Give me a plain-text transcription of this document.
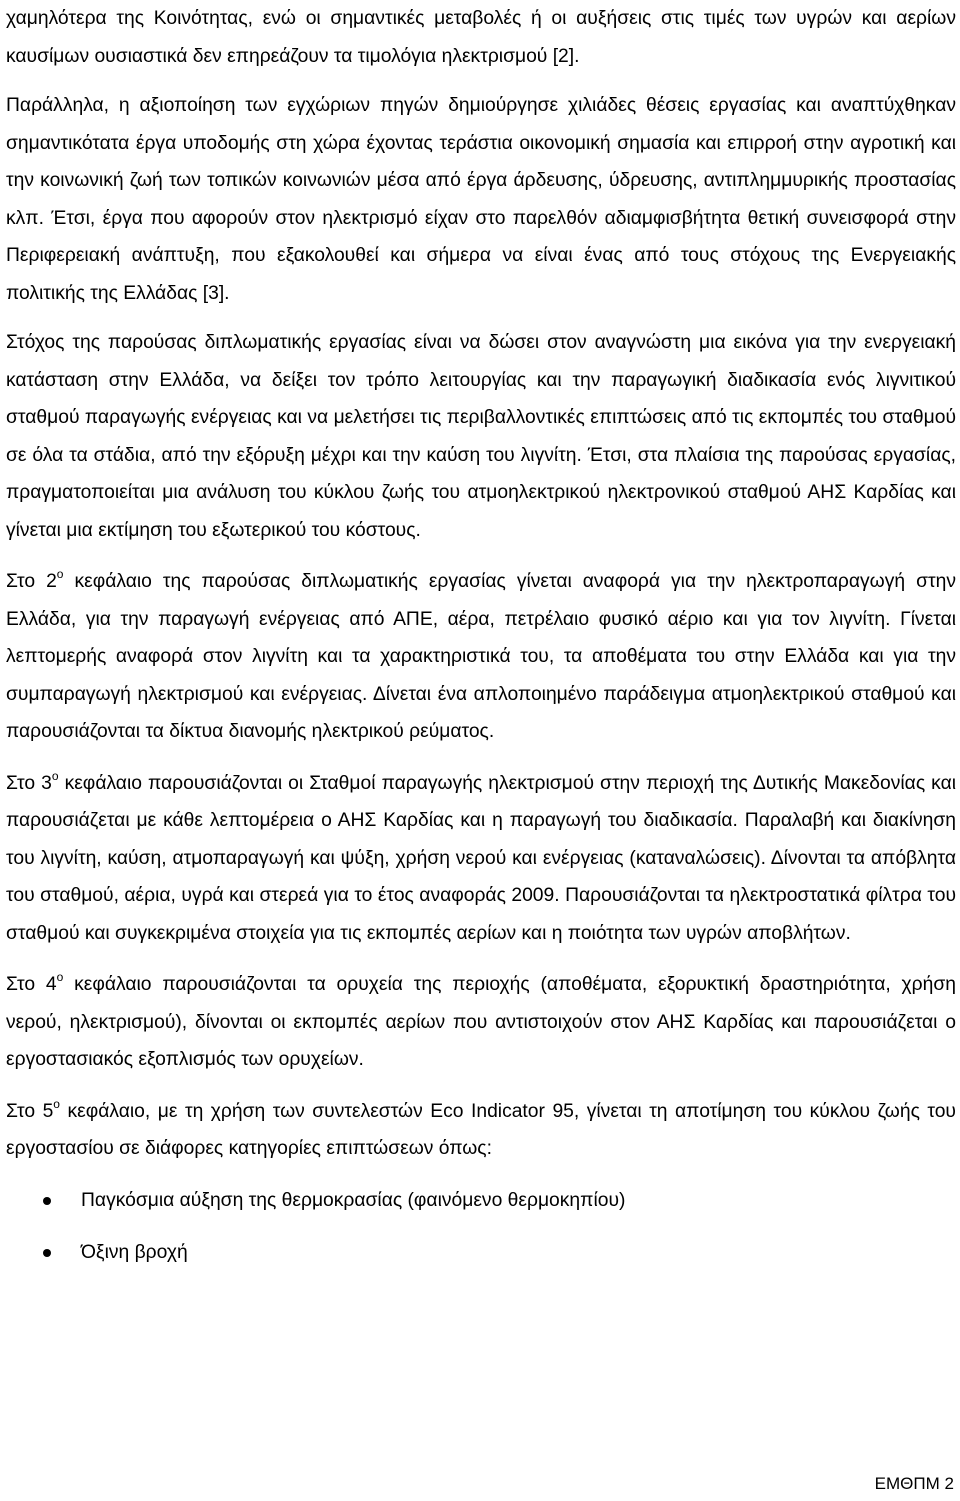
χαμηλότερα της Κοινότητας, ενώ οι σημαντικές μεταβολές ή οι αυξήσεις στις τιμές των υγρών και αερίων καυσίμων ουσιαστικά δεν επηρεάζουν τα τιμολόγια ηλεκτρισμού [2].

Παράλληλα, η αξιοποίηση των εγχώριων πηγών δημιούργησε χιλιάδες θέσεις εργασίας και αναπτύχθηκαν σημαντικότατα έργα υποδομής στη χώρα έχοντας τεράστια οικονομική σημασία και επιρροή στην αγροτική και την κοινωνική ζωή των τοπικών κοινωνιών μέσα από έργα άρδευσης, ύδρευσης, αντιπλημμυρικής προστασίας κλπ. Έτσι, έργα που αφορούν στον ηλεκτρισμό είχαν στο παρελθόν αδιαμφισβήτητα θετική συνεισφορά στην Περιφερειακή ανάπτυξη, που εξακολουθεί και σήμερα να είναι ένας από τους στόχους της Ενεργειακής πολιτικής της Ελλάδας [3].

Στόχος της παρούσας διπλωματικής εργασίας είναι να δώσει στον αναγνώστη μια εικόνα για την ενεργειακή κατάσταση στην Ελλάδα, να δείξει τον τρόπο λειτουργίας και την παραγωγική διαδικασία ενός λιγνιτικού σταθμού παραγωγής ενέργειας και να μελετήσει τις περιβαλλοντικές επιπτώσεις από τις εκπομπές του σταθμού σε όλα τα στάδια, από την εξόρυξη μέχρι και την καύση του λιγνίτη. Έτσι, στα πλαίσια της παρούσας εργασίας, πραγματοποιείται μια ανάλυση του κύκλου ζωής του ατμοηλεκτρικού ηλεκτρονικού σταθμού ΑΗΣ Καρδίας και γίνεται μια εκτίμηση του εξωτερικού του κόστους.

Στο $2^o$ κεφάλαιο της παρούσας διπλωματικής εργασίας γίνεται αναφορά για την ηλεκτροπαραγωγή στην Ελλάδα, για την παραγωγή ενέργειας από ΑΠΕ, αέρα, πετρέλαιο φυσικό αέριο και για τον λιγνίτη. Γίνεται λεπτομερής αναφορά στον λιγνίτη και τα χαρακτηριστικά του, τα αποθέματα του στην Ελλάδα και για την συμπαραγωγή ηλεκτρισμού και ενέργειας. Δίνεται ένα απλοποιημένο παράδειγμα ατμοηλεκτρικού σταθμού και παρουσιάζονται τα δίκτυα διανομής ηλεκτρικού ρεύματος.

Στο $3^o$ κεφάλαιο παρουσιάζονται οι Σταθμοί παραγωγής ηλεκτρισμού στην περιοχή της Δυτικής Μακεδονίας και παρουσιάζεται με κάθε λεπτομέρεια ο ΑΗΣ Καρδίας και η παραγωγή του διαδικασία. Παραλαβή και διακίνηση του λιγνίτη, καύση, ατμοπαραγωγή και ψύξη, χρήση νερού και ενέργειας (καταναλώσεις). Δίνονται τα απόβλητα του σταθμού, αέρια, υγρά και στερεά για το έτος αναφοράς 2009. Παρουσιάζονται τα ηλεκτροστατικά φίλτρα του σταθμού και συγκεκριμένα στοιχεία για τις εκπομπές αερίων και η ποιότητα των υγρών αποβλήτων.

Στο $4^o$ κεφάλαιο παρουσιάζονται τα ορυχεία της περιοχής (αποθέματα, εξορυκτική δραστηριότητα, χρήση νερού, ηλεκτρισμού), δίνονται οι εκπομπές αερίων που αντιστοιχούν στον ΑΗΣ Καρδίας και παρουσιάζεται ο εργοστασιακός εξοπλισμός των ορυχείων.

Στο $5^o$ κεφάλαιο, με τη χρήση των συντελεστών Eco Indicator 95, γίνεται τη αποτίμηση του κύκλου ζωής του εργοστασίου σε διάφορες κατηγορίες επιπτώσεων όπως:

Παγκόσμια αύξηση της θερμοκρασίας (φαινόμενο θερμοκηπίου)
Όξινη βροχή
ΕΜΘΠΜ 2
